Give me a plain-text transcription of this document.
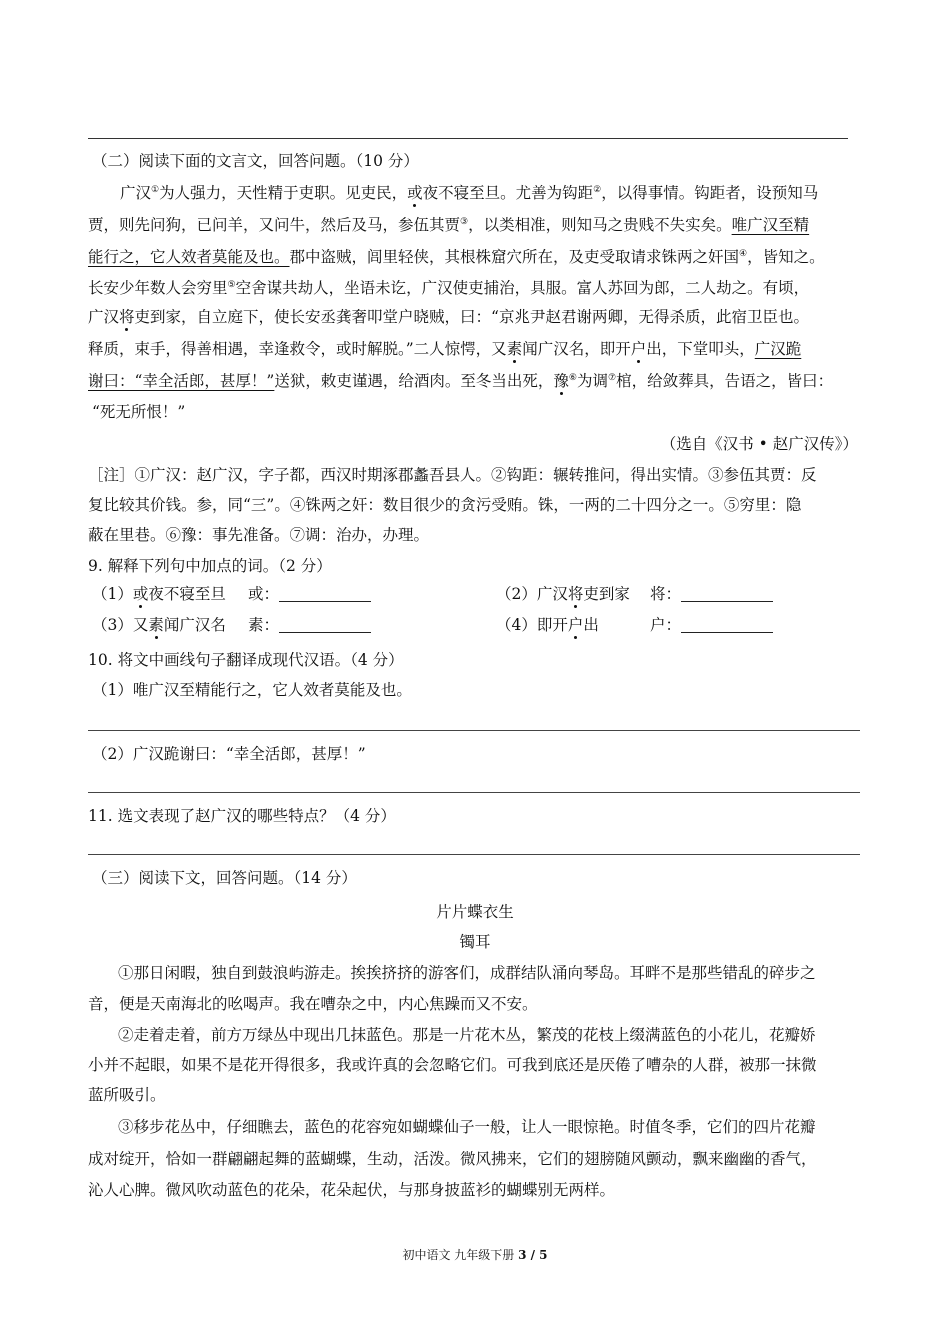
（二）阅读下面的文言文，回答问题。（10 分）
广汉①为人强力，天性精于吏职。见吏民，或夜不寝至旦。尤善为钩距②，以得事情。钩距者，设预知马
贾，则先问狗，已问羊，又问牛，然后及马，参伍其贾③，以类相准，则知马之贵贱不失实矣。唯广汉至精
能行之，它人效者莫能及也。郡中盗贼，闾里轻侠，其根株窟穴所在，及吏受取请求铢两之奸国④，皆知之。
长安少年数人会穷里⑤空舍谋共劫人，坐语未讫，广汉使吏捕治，具服。富人苏回为郎，二人劫之。有顷，
广汉将吏到家，自立庭下，使长安丞龚奢叩堂户晓贼，曰：“京兆尹赵君谢两卿，无得杀质，此宿卫臣也。
释质，束手，得善相遇，幸逢救令，或时解脱。”二人惊愕，又素闻广汉名，即开户出，下堂叩头，广汉跪
谢曰：“幸全活郎，甚厚！”送狱，敕吏谨遇，给酒肉。至冬当出死，豫⑥为调⑦棺，给敛葬具，告语之，皆曰：
“死无所恨！”
（选自《汉书 • 赵广汉传》）
［注］①广汉：赵广汉，字子都，西汉时期涿郡蠡吾县人。②钩距：辗转推问，得出实情。③参伍其贾：反
复比较其价钱。参，同“三”。④铢两之奸：数目很少的贪污受贿。铢，一两的二十四分之一。⑤穷里：隐
蔽在里巷。⑥豫：事先准备。⑦调：治办，办理。
9. 解释下列句中加点的词。（2 分）
（1）或夜不寝至旦 或：	（2）广汉将吏到家 将：
（3）又素闻广汉名 素：	（4）即开户出	户：
10. 将文中画线句子翻译成现代汉语。（4 分）
（1）唯广汉至精能行之，它人效者莫能及也。
（2）广汉跪谢曰：“幸全活郎，甚厚！”
11. 选文表现了赵广汉的哪些特点？（4 分）
（三）阅读下文，回答问题。（14 分）
片片蝶衣生
镯耳
①那日闲暇，独自到鼓浪屿游走。挨挨挤挤的游客们，成群结队涌向琴岛。耳畔不是那些错乱的碎步之
音，便是天南海北的吆喝声。我在嘈杂之中，内心焦躁而又不安。
②走着走着，前方万绿丛中现出几抹蓝色。那是一片花木丛，繁茂的花枝上缀满蓝色的小花儿，花瓣娇
小并不起眼，如果不是花开得很多，我或许真的会忽略它们。可我到底还是厌倦了嘈杂的人群，被那一抹微
蓝所吸引。
③移步花丛中，仔细瞧去，蓝色的花容宛如蝴蝶仙子一般，让人一眼惊艳。时值冬季，它们的四片花瓣
成对绽开，恰如一群翩翩起舞的蓝蝴蝶，生动，活泼。微风拂来，它们的翅膀随风颤动，飘来幽幽的香气，
沁人心脾。微风吹动蓝色的花朵，花朵起伏，与那身披蓝衫的蝴蝶别无两样。
初中语文 九年级下册 3 / 5
